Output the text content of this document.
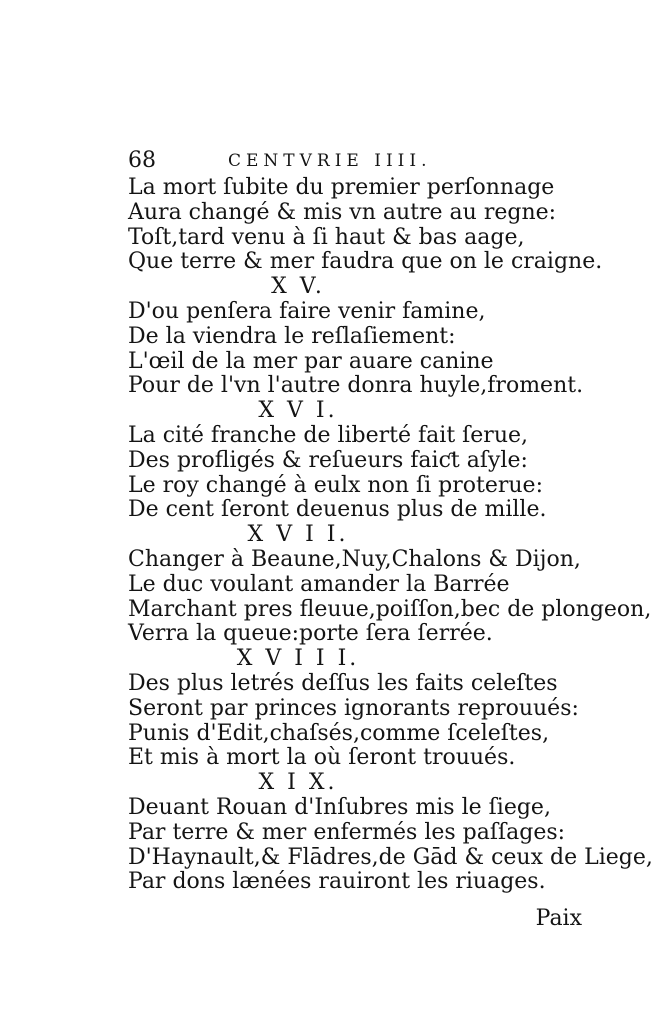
68	CENTVRIE IIII.
La mort ſubite du premier perſonnage
Aura changé & mis vn autre au regne:
Toſt,tard venu à ſi haut & bas aage,
Que terre & mer faudra que on le craigne.
X V.
D'ou penſera faire venir famine,
De la viendra le reſlaſiement:
L'œil de la mer par auare canine
Pour de l'vn l'autre donra huyle,froment.
X V I.
La cité franche de liberté fait ſerue,
Des profligés & reſueurs faiƈt aſyle:
Le roy changé à eulx non ſi proterue:
De cent ſeront deuenus plus de mille.
X V I I.
Changer à Beaune,Nuy,Chalons & Dijon,
Le duc voulant amander la Barrée
Marchant pres fleuue,poiſſon,bec de plongeon,
Verra la queue:porte ſera ſerrée.
X V I I I.
Des plus letrés deſſus les faits celeſtes
Seront par princes ignorants reprouués:
Punis d'Edit,chaſsés,comme ſceleſtes,
Et mis à mort la où ſeront trouués.
X I X.
Deuant Rouan d'Inſubres mis le ſiege,
Par terre & mer enfermés les paſſages:
D'Haynault,& Flādres,de Gād & ceux de Liege,
Par dons lænées rauiront les riuages.
Paix
